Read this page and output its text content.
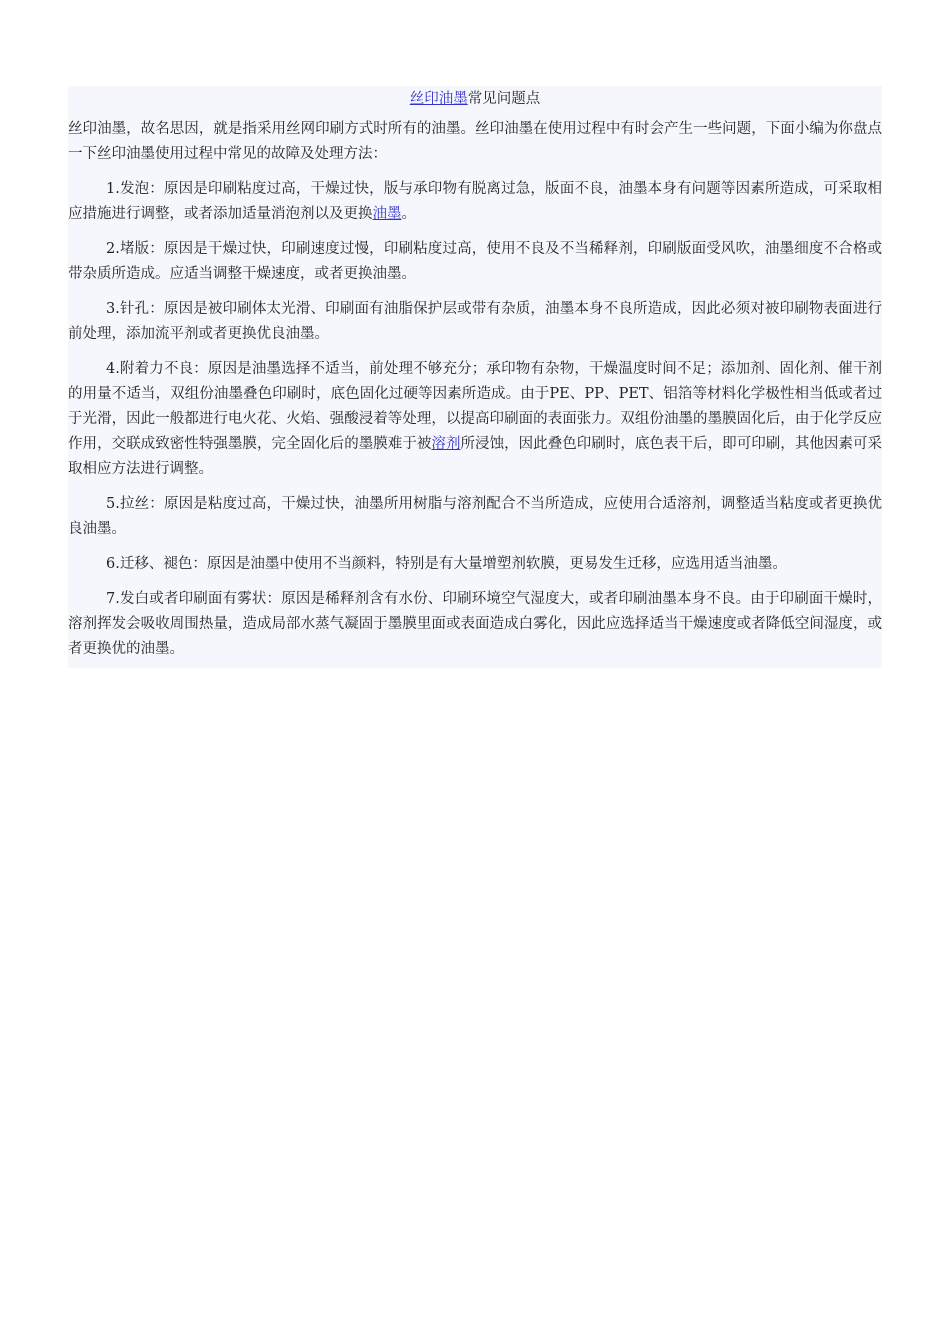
丝印油墨常见问题点

丝印油墨，故名思因，就是指采用丝网印刷方式时所有的油墨。丝印油墨在使用过程中有时会产生一些问题，下面小编为你盘点一下丝印油墨使用过程中常见的故障及处理方法：

1.发泡：原因是印刷粘度过高，干燥过快，版与承印物有脱离过急，版面不良，油墨本身有问题等因素所造成，可采取相应措施进行调整，或者添加适量消泡剂以及更换油墨。

2.堵版：原因是干燥过快，印刷速度过慢，印刷粘度过高，使用不良及不当稀释剂，印刷版面受风吹，油墨细度不合格或带杂质所造成。应适当调整干燥速度，或者更换油墨。

3.针孔：原因是被印刷体太光滑、印刷面有油脂保护层或带有杂质，油墨本身不良所造成，因此必须对被印刷物表面进行前处理，添加流平剂或者更换优良油墨。

4.附着力不良：原因是油墨选择不适当，前处理不够充分；承印物有杂物，干燥温度时间不足；添加剂、固化剂、催干剂的用量不适当，双组份油墨叠色印刷时，底色固化过硬等因素所造成。由于PE、PP、PET、铝箔等材料化学极性相当低或者过于光滑，因此一般都进行电火花、火焰、强酸浸着等处理，以提高印刷面的表面张力。双组份油墨的墨膜固化后，由于化学反应作用，交联成致密性特强墨膜，完全固化后的墨膜难于被溶剂所浸蚀，因此叠色印刷时，底色表干后，即可印刷，其他因素可采取相应方法进行调整。

5.拉丝：原因是粘度过高，干燥过快，油墨所用树脂与溶剂配合不当所造成，应使用合适溶剂，调整适当粘度或者更换优良油墨。

6.迁移、褪色：原因是油墨中使用不当颜料，特别是有大量增塑剂软膜，更易发生迁移，应选用适当油墨。

7.发白或者印刷面有雾状：原因是稀释剂含有水份、印刷环境空气湿度大，或者印刷油墨本身不良。由于印刷面干燥时，溶剂挥发会吸收周围热量，造成局部水蒸气凝固于墨膜里面或表面造成白雾化，因此应选择适当干燥速度或者降低空间湿度，或者更换优的油墨。
